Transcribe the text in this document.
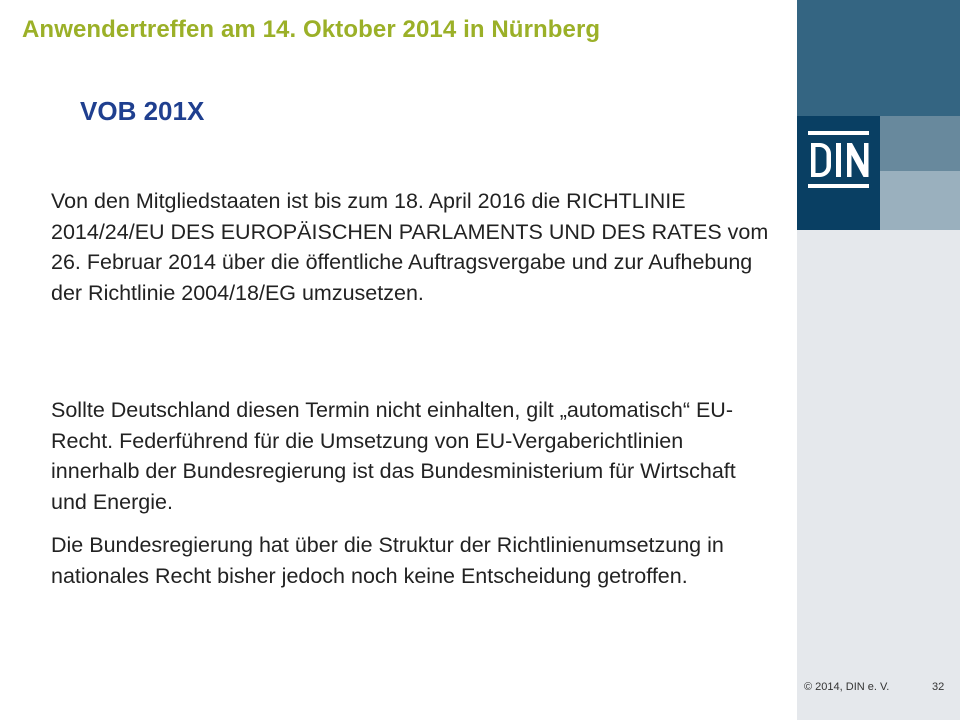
Anwendertreffen am 14. Oktober 2014 in Nürnberg
VOB 201X

Von den Mitgliedstaaten ist bis zum 18. April 2016 die RICHTLINIE 2014/24/EU DES EUROPÄISCHEN PARLAMENTS UND DES RATES vom 26. Februar 2014 über die öffentliche Auftragsvergabe und zur Aufhebung der Richtlinie 2004/18/EG umzusetzen.

Sollte Deutschland diesen Termin nicht einhalten, gilt „automatisch“ EU-Recht. Federführend für die Umsetzung von EU-Vergaberichtlinien innerhalb der Bundesregierung ist das Bundesministerium für Wirtschaft und Energie.

Die Bundesregierung hat über die Struktur der Richtlinienumsetzung in nationales Recht bisher jedoch noch keine Entscheidung getroffen.

© 2014, DIN e. V.	32
